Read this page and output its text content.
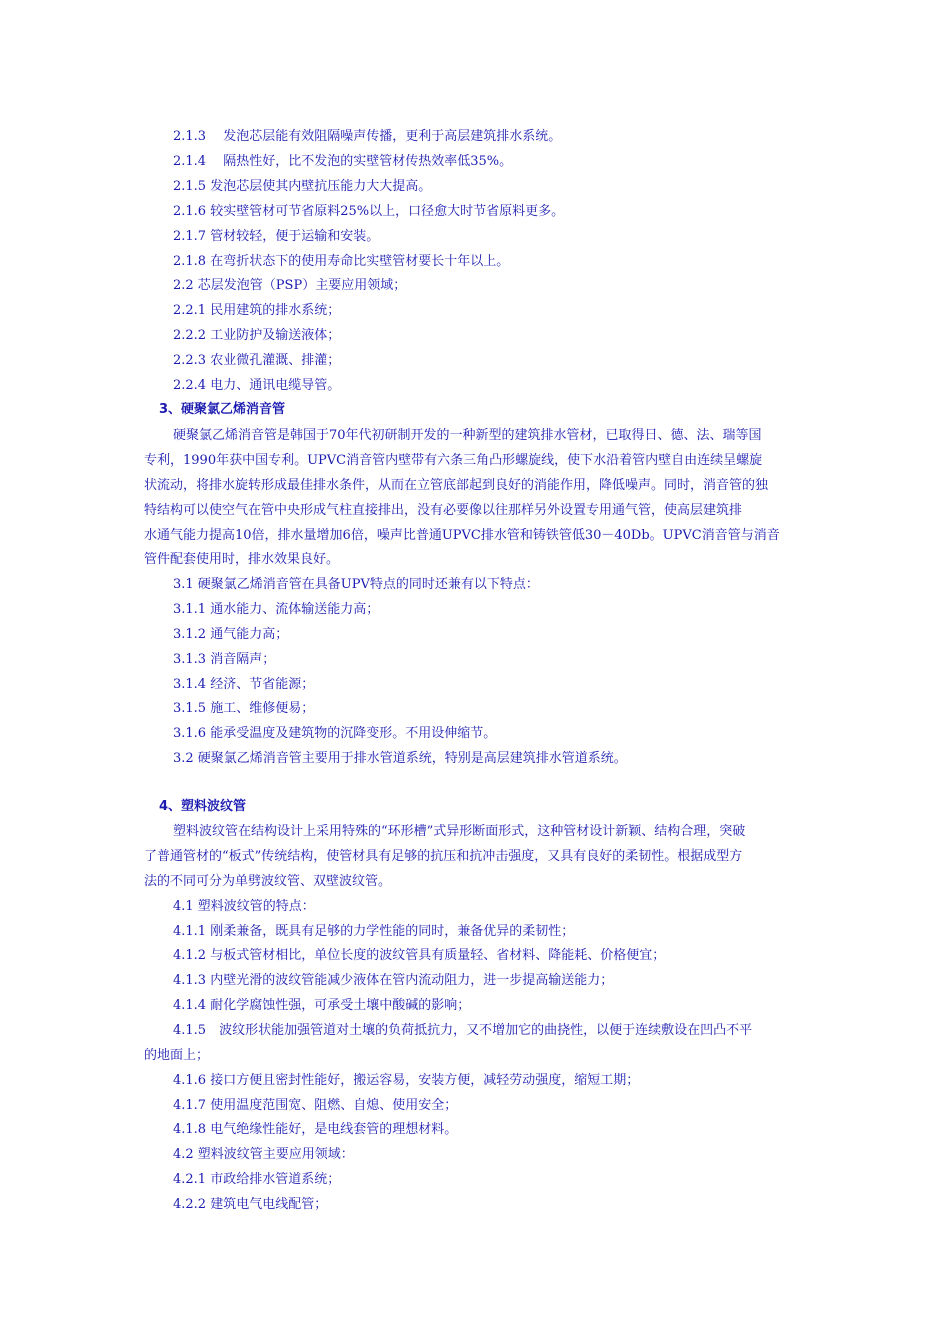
2.1.3　 发泡芯层能有效阻隔噪声传播，更利于高层建筑排水系统。
2.1.4　 隔热性好，比不发泡的实壁管材传热效率低35%。
2.1.5 发泡芯层使其内壁抗压能力大大提高。
2.1.6 较实壁管材可节省原料25%以上，口径愈大时节省原料更多。
2.1.7 管材较轻，便于运输和安装。
2.1.8 在弯折状态下的使用寿命比实壁管材要长十年以上。
2.2 芯层发泡管（PSP）主要应用领域；
2.2.1 民用建筑的排水系统；
2.2.2 工业防护及输送液体；
2.2.3 农业微孔灌溉、排灌；
2.2.4 电力、通讯电缆导管。
3、硬聚氯乙烯消音管
硬聚氯乙烯消音管是韩国于70年代初研制开发的一种新型的建筑排水管材，已取得日、德、法、瑞等国
专利，1990年获中国专利。UPVC消音管内壁带有六条三角凸形螺旋线，使下水沿着管内壁自由连续呈螺旋
状流动，将排水旋转形成最佳排水条件，从而在立管底部起到良好的消能作用，降低噪声。同时，消音管的独
特结构可以使空气在管中央形成气柱直接排出，没有必要像以往那样另外设置专用通气管，使高层建筑排
水通气能力提高10倍，排水量增加6倍，噪声比普通UPVC排水管和铸铁管低30－40Db。UPVC消音管与消音
管件配套使用时，排水效果良好。
3.1 硬聚氯乙烯消音管在具备UPV特点的同时还兼有以下特点：
3.1.1 通水能力、流体输送能力高；
3.1.2 通气能力高；
3.1.3 消音隔声；
3.1.4 经济、节省能源；
3.1.5 施工、维修便易；
3.1.6 能承受温度及建筑物的沉降变形。不用设伸缩节。
3.2 硬聚氯乙烯消音管主要用于排水管道系统，特别是高层建筑排水管道系统。
4、塑料波纹管
塑料波纹管在结构设计上采用特殊的“环形槽”式异形断面形式，这种管材设计新颖、结构合理，突破
了普通管材的“板式”传统结构，使管材具有足够的抗压和抗冲击强度，又具有良好的柔韧性。根据成型方
法的不同可分为单劈波纹管、双壁波纹管。
4.1 塑料波纹管的特点：
4.1.1 刚柔兼备，既具有足够的力学性能的同时，兼备优异的柔韧性；
4.1.2 与板式管材相比，单位长度的波纹管具有质量轻、省材料、降能耗、价格便宜；
4.1.3 内壁光滑的波纹管能减少液体在管内流动阻力，进一步提高输送能力；
4.1.4 耐化学腐蚀性强，可承受土壤中酸碱的影响；
4.1.5　波纹形状能加强管道对土壤的负荷抵抗力，又不增加它的曲挠性，以便于连续敷设在凹凸不平
的地面上；
4.1.6 接口方便且密封性能好，搬运容易，安装方便，减轻劳动强度，缩短工期；
4.1.7 使用温度范围宽、阻燃、自熄、使用安全；
4.1.8 电气绝缘性能好，是电线套管的理想材料。
4.2 塑料波纹管主要应用领域：
4.2.1 市政给排水管道系统；
4.2.2 建筑电气电线配管；
